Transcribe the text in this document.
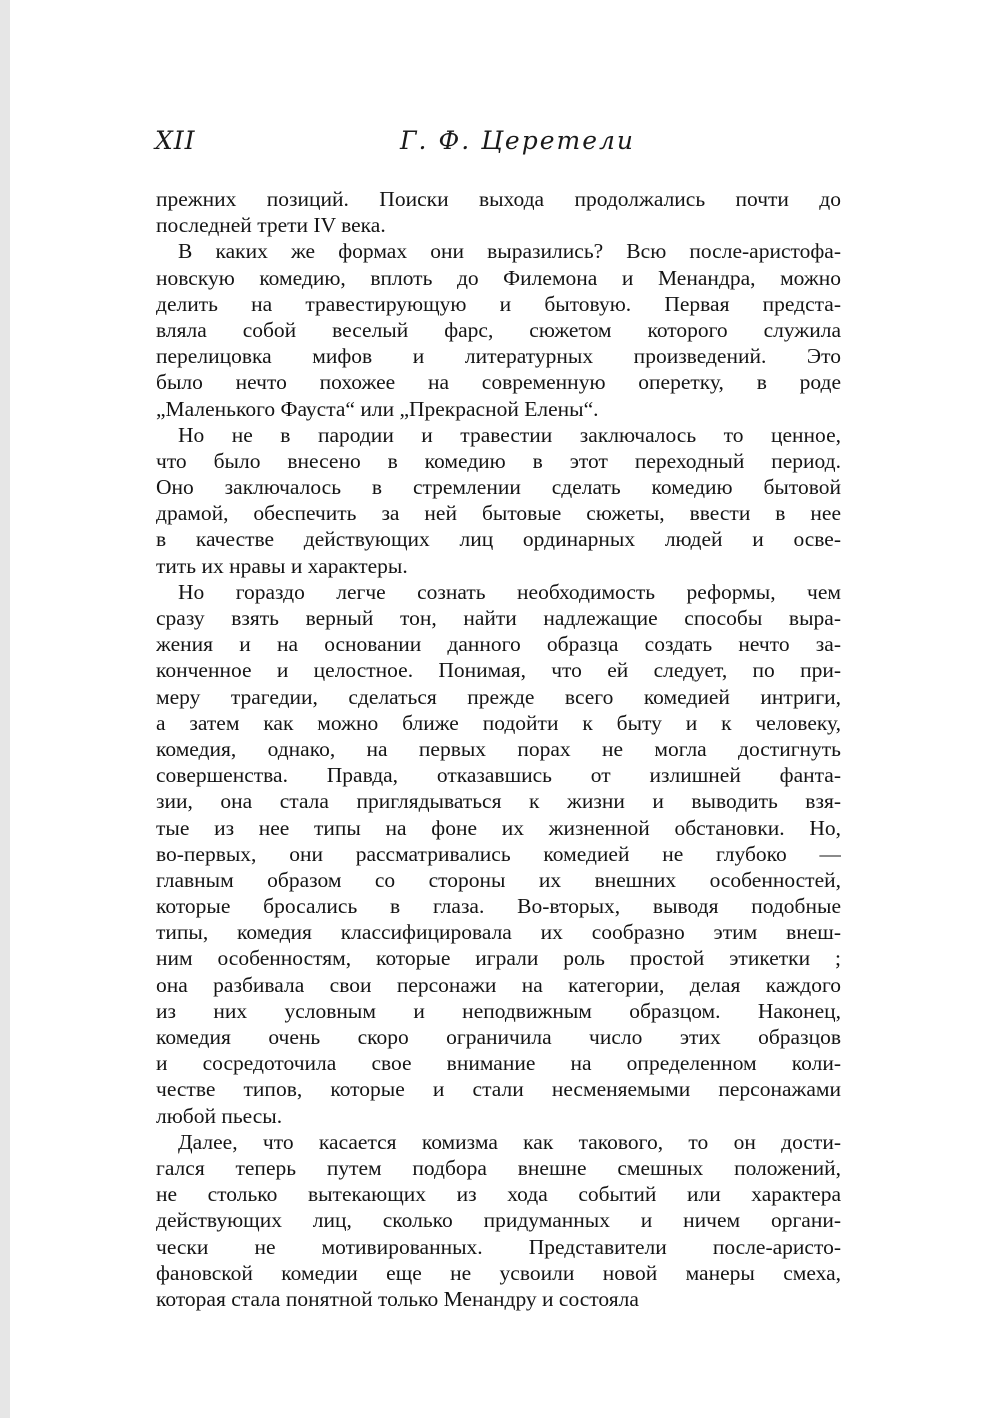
XII	Г. Ф. Церетели
прежних позиций. Поиски выхода продолжались почти до
последней трети IV века.
В каких же формах они выразились? Всю после-аристофа-
новскую комедию, вплоть до Филемона и Менандра, можно
делить на травестирующую и бытовую. Первая предста-
вляла собой веселый фарс, сюжетом которого служила
перелицовка мифов и литературных произведений. Это
было нечто похожее на современную оперетку, в роде
„Маленького Фауста“ или „Прекрасной Елены“.
Но не в пародии и травестии заключалось то ценное,
что было внесено в комедию в этот переходный период.
Оно заключалось в стремлении сделать комедию бытовой
драмой, обеспечить за ней бытовые сюжеты, ввести в нее
в качестве действующих лиц ординарных людей и осве-
тить их нравы и характеры.
Но гораздо легче сознать необходимость реформы, чем
сразу взять верный тон, найти надлежащие способы выра-
жения и на основании данного образца создать нечто за-
конченное и целостное. Понимая, что ей следует, по при-
меру трагедии, сделаться прежде всего комедией интриги,
а затем как можно ближе подойти к быту и к человеку,
комедия, однако, на первых порах не могла достигнуть
совершенства. Правда, отказавшись от излишней фанта-
зии, она стала приглядываться к жизни и выводить взя-
тые из нее типы на фоне их жизненной обстановки. Но,
во-первых, они рассматривались комедией не глубоко —
главным образом со стороны их внешних особенностей,
которые бросались в глаза. Во-вторых, выводя подобные
типы, комедия классифицировала их сообразно этим внеш-
ним особенностям, которые играли роль простой этикетки ;
она разбивала свои персонажи на категории, делая каждого
из них условным и неподвижным образцом. Наконец,
комедия очень скоро ограничила число этих образцов
и сосредоточила свое внимание на определенном коли-
честве типов, которые и стали несменяемыми персонажами
любой пьесы.
Далее, что касается комизма как такового, то он дости-
гался теперь путем подбора внешне смешных положений,
не столько вытекающих из хода событий или характера
действующих лиц, сколько придуманных и ничем органи-
чески не мотивированных. Представители после-аристо-
фановской комедии еще не усвоили новой манеры смеха,
которая стала понятной только Менандру и состояла
